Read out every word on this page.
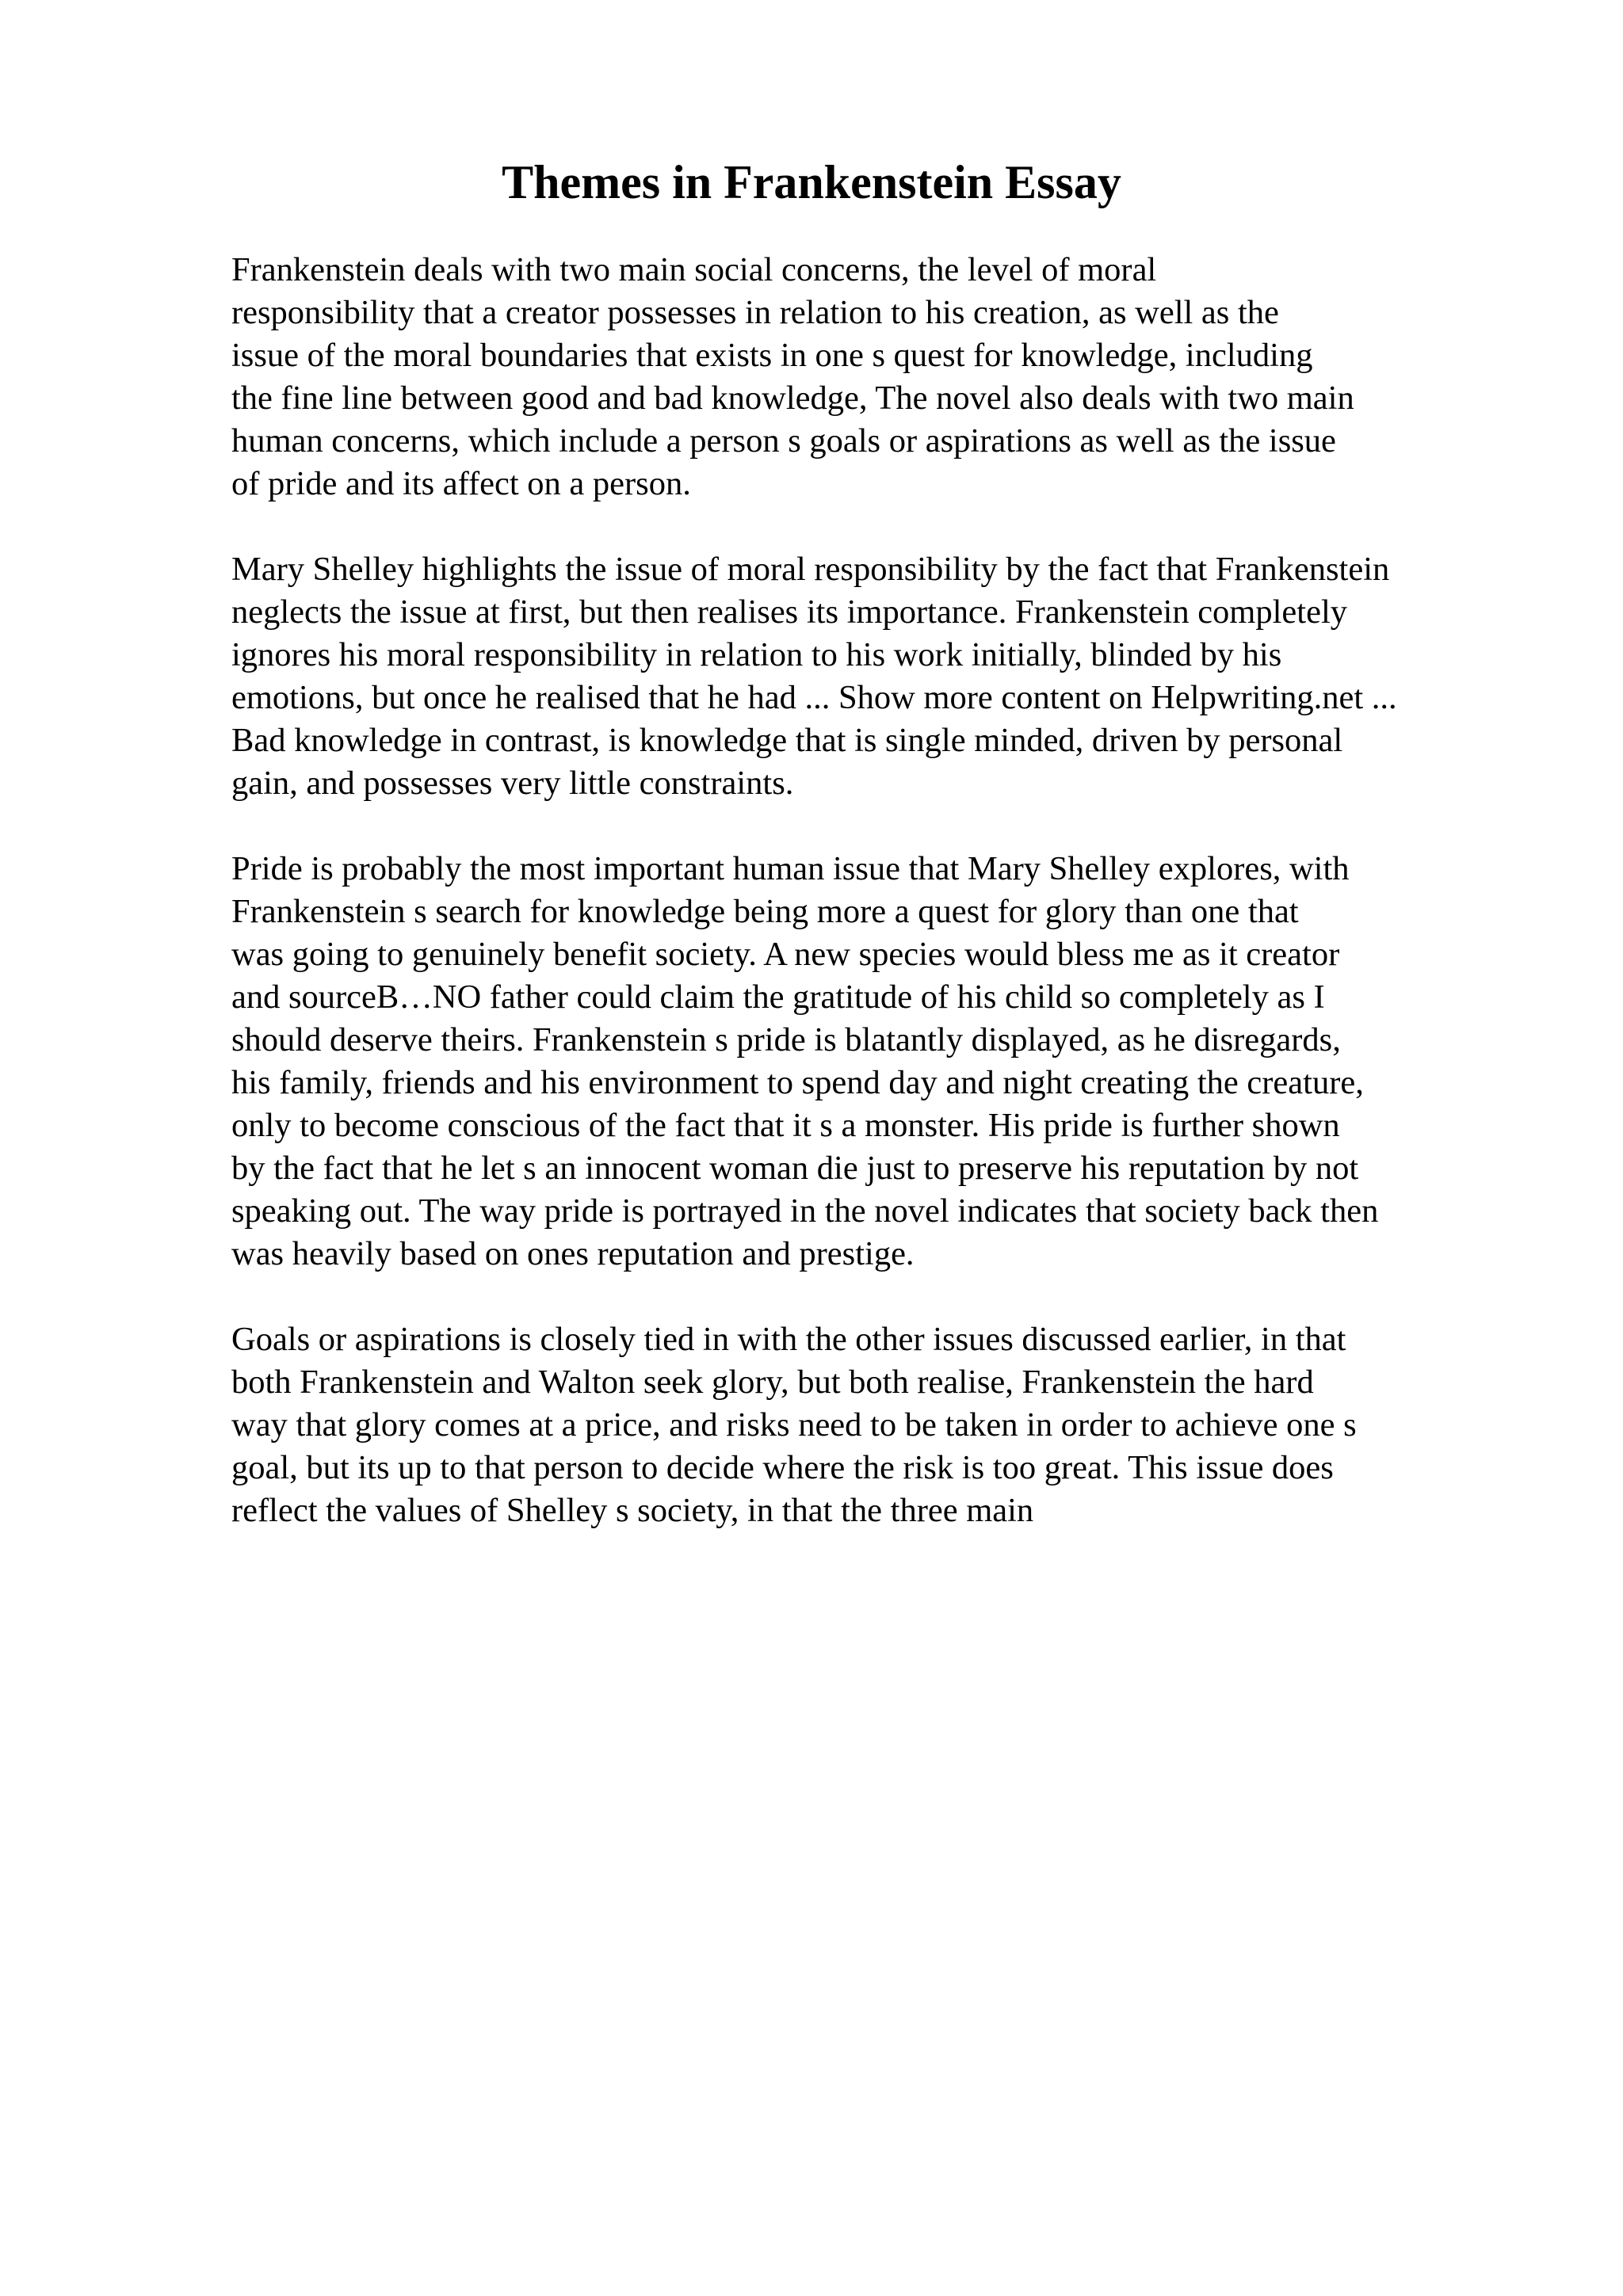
Themes in Frankenstein Essay

Frankenstein deals with two main social concerns, the level of moral
responsibility that a creator possesses in relation to his creation, as well as the
issue of the moral boundaries that exists in one s quest for knowledge, including
the fine line between good and bad knowledge, The novel also deals with two main
human concerns, which include a person s goals or aspirations as well as the issue
of pride and its affect on a person.

Mary Shelley highlights the issue of moral responsibility by the fact that Frankenstein
neglects the issue at first, but then realises its importance. Frankenstein completely
ignores his moral responsibility in relation to his work initially, blinded by his
emotions, but once he realised that he had ... Show more content on Helpwriting.net ...
Bad knowledge in contrast, is knowledge that is single minded, driven by personal
gain, and possesses very little constraints.

Pride is probably the most important human issue that Mary Shelley explores, with
Frankenstein s search for knowledge being more a quest for glory than one that
was going to genuinely benefit society. A new species would bless me as it creator
and sourceB…NO father could claim the gratitude of his child so completely as I
should deserve theirs. Frankenstein s pride is blatantly displayed, as he disregards,
his family, friends and his environment to spend day and night creating the creature,
only to become conscious of the fact that it s a monster. His pride is further shown
by the fact that he let s an innocent woman die just to preserve his reputation by not
speaking out. The way pride is portrayed in the novel indicates that society back then
was heavily based on ones reputation and prestige.

Goals or aspirations is closely tied in with the other issues discussed earlier, in that
both Frankenstein and Walton seek glory, but both realise, Frankenstein the hard
way that glory comes at a price, and risks need to be taken in order to achieve one s
goal, but its up to that person to decide where the risk is too great. This issue does
reflect the values of Shelley s society, in that the three main
